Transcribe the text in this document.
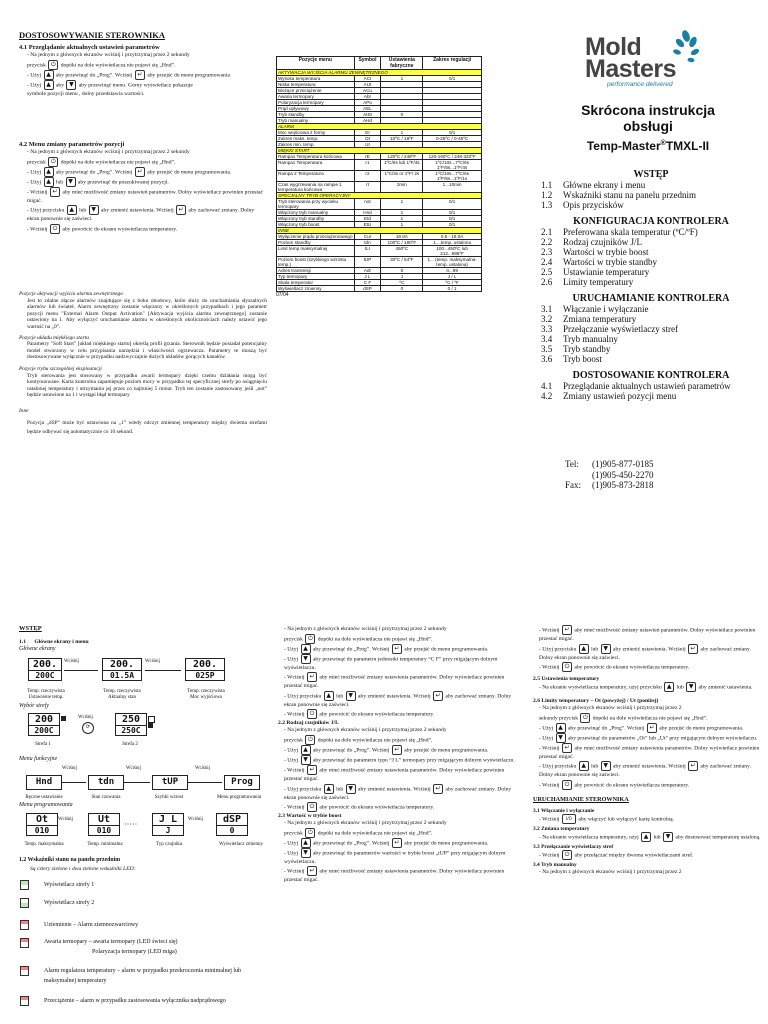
DOSTOSOWYWANIE STEROWNIKA
4.1 Przeglądanie aktualnych ustawień parametrów
- Na jednym z głównych ekranów wciśnij i przytrzymaj przez 2 sekundy
przycisk ⏻ dopóki na dole wyświetlacza nie pojawi się „Hnd”.
- Użyj ▲ aby przewinąć do „Prog”. Wciśnij ↵ aby przejść do menu programowania
- Użyj ▲ aby ▼ aby przewinąć menu. Górny wyświetlacz pokazuje
symbole pozycji menu , dolny przedstawia wartości.
4.2 Menu zmiany parametrów pozycji
- Na jednym z głównych ekranów wciśnij i przytrzymaj przez 2 sekundy
przycisk ⏻ dopóki na dole wyświetlacza nie pojawi się „Hnd”.
- Użyj ▲ aby przewinąć do „Prog”. Wciśnij ↵ aby przejść do menu programowania.
- Użyj ▲ lub ▼ aby przewinąć do poszukiwanej pozycji.
- Wciśnij ↵ aby mieć możliwość zmiany ustawień parametrów. Dolny wyświetlacz powinien przestać migać.
- Użyj przycisku ▲ lub ▼ aby zmienić ustawienia. Wciśnij ↵ aby zachować zmiany. Dolny ekran ponownie się zaświeci.
- Wciśnij ⏻ aby powrócić do ekranu wyświetlacza temperatury.
Pozycje aktywacji wyjścia alarmu zewnętrznego
Jest to zdalne złącze alarmów znajdujące się z boku obudowy, które służy do uruchamiania słyszalnych alarmów lub świateł. Alarm zewnętrzny zostanie włączony w określonych przypadkach i jego parametr pozycji menu "External Alarm Output Activation" [Aktywacja wyjścia alarmu zewnętrznego] zostanie ustawiony na 1. Aby wyłączyć uruchamianie alarmu w określonych okolicznościach należy ustawić jego wartość na „0”.
Pozycje układu miękkiego startu
Parametry "Soft Start" [układ miękkiego startu] określą profil grzania. Sterownik będzie posiadał potencjalny model stworzony w celu przypisania narzędzia i właściwości ogrzewacza. Parametry te muszą być dostosowywane wyłącznie w przypadku nadzwyczajnie dużych układów gorących kanałów.
Pozycje trybu szczególnej eksploatacji
Tryb sterowania jest stosowany w przypadku awarii termopary dzięki czemu działania mogą być kontynuowane. Karta kontrolna zapamiętuje poziom mocy w przypadku tej specyficznej strefy po osiągnięciu ustalonej temperatury i utrzymaniu jej przez co najmniej 5 minut. Tryb ten zostanie zastosowany jeśli „not” będzie ustawione na 1 i wystąpi błąd termopary
Inne
Pozycja „dSP” może być ustawiona na „1” wtedy odczyt zmiennej temperatury między dwiema strefami będzie odbywać się automatycznie co 10 sekund.
Pozycje menu	Symbol	Ustawienia fabryczne	Zakres regulacji
AKTYWACJA WYJŚCIA ALARMU ZEWNĘTRZNEGO			
Wysoka temperatura	ACt	1	0/1
Niska temperatura	AUt		
Bieżące przeciążenie	ACu		
Awaria termopary	Abr		
Polaryzacja termopary	APo		
Prąd upływowy	AEL		
Tryb standby	AtSt	0	
Tryb manualny	AHd		
ALARM			
Moc wejściowa z formy	EI	1	0/1
Zakres maks. temp.	Ot	10ºC / 18ºF	0-25ºC / 0-45ºC
Zakres min. temp.	Ut		
MIĘKKI START			
Rampa1 Temperatura końcowa	rE	120ºC / 248ºF	120-160ºC / 248-320ºF
Rampa1 Temperatura	r1	1ºC/6s lub 1ºF/4s	1ºC/10s...7ºC/6s 1ºF/6s...1ºF/4s
Rampa 2 Temperatura	r2	1ºC/3s or 1ºF/ 2s	1ºC/10s...7ºC/6s 1ºF/6s...1ºF/1s
Czas wygrzewania na rampie 1 temperatura końcowa	rt	2min	1...10min
SPECJALNY TRYB OPERACYJNY			
Tryb sterowania przy wycieku termopary	not	1	0/1
Włączony tryb manualny	Hnd	1	0/1
Włączony tryb standby	Etd	1	0/1
Włączony tryb boost	EtU	1	0/1
INNE			
Wyłączenie prądu przeciążeniowego	Cur	18.0A	0.5 - 18.0A
Poziom standby	tdn	100ºC / 180ºF	1....temp. ustalona
Limit temp maksymalnej	tLI	450ºC	100...450ºC lub 212...986ºF
Poziom boost (szybkiego wzrostu temp.)	tUP	30ºC / 54ºF	1... (temp. maksymalna-temp. ustalona)
Adres transmisji	Adr	0	0...99
Typ termopary	J L	J	J / L
Skala temperatur	C F	ºC	ºC / ºF
Wyświetlacz zmienny	dSP	0	0 / 1
07/04
Mold
Masters
performance delivered
Skrócona instrukcja
obsługi
Temp-Master®TMXL-II
WSTĘP
1.1 Główne ekrany i menu
1.2 Wskaźniki stanu na panelu przednim
1.3 Opis przycisków
KONFIGURACJA KONTROLERA
2.1 Preferowana skala temperatur (ºC/ºF)
2.2 Rodzaj czujników J/L
2.3 Wartości w trybie boost
2.4 Wartości w trybie standby
2.5 Ustawianie temperatury
2.6 Limity temperatury
URUCHAMIANIE KONTROLERA
3.1 Włączanie i wyłączanie
3.2 Zmiana temperatury
3.3 Przełączanie wyświetlaczy stref
3.4 Tryb manualny
3.5 Tryb standby
3.6 Tryb boost
DOSTOSOWANIE KONTROLERA
4.1 Przeglądanie aktualnych ustawień parametrów
4.2 Zmiany ustawień pozycji menu
Tel: (1)905-877-0185
(1)905-450-2270
Fax: (1)905-873-2818
WSTĘP
1.1      Główne ekrany i menu
Główne ekrany
200.
200C
200.
01.5A
200.
025P
Wciśnij	Wciśnij
Temp. rzeczywista
Ustawienie temp.
Temp. rzeczywista
Aktualny stan
Temp. rzeczywista
Moc wyjściowa
Wybór strefy
200
200C
Wciśnij
⟳
250
250C
Strefa 1	Strefa 2
Menu funkcyjne
Hnd	tdn	tUP	Prog
Wciśnij	Wciśnij	Wciśnij
Ręczne ustawianie	Stan czuwania	Szybki wzrost	Menu programowania
Menu programowania
Ot
010
Ut
010
J L
J
dSP
0
Wciśnij
·····
Wciśnij
Temp. maksymalna	Temp. minimalna	Typ czujnika	Wyświetlacz zmienny
1.2 Wskaźniki stanu na panelu przednim
Są cztery zielone i dwa zielone wskaźniki LED:
Wyświetlacz strefy 1
Wyświetlacz strefy 2
Uziemienie – Alarm ziemnozwarciowy
Awaria termopary – awaria termopary (LED świeci się)
Polaryzacja termopary (LED miga)
Alarm regulatora temperatury – alarm w przypadku przekroczenia minimalnej lub maksymalnej temperatury
Przeciążenie – alarm w przypadku zastosowania wyłącznika nadprądowego
- Na jednym z głównych ekranów wciśnij i przytrzymaj przez 2 sekundy
przycisk ⏻ dopóki na dole wyświetlacza nie pojawi się „Hnd”.
- Użyj ▲ aby przewinąć do „Prog”. Wciśnij ↵ aby przejść do menu programowania.
- Użyj ▼ aby przewinąć do parametru jednostki temperatury “C F” przy migającym dolnym wyświetlaczu.
- Wciśnij ↵ aby mieć możliwość zmiany ustawienia parametrów. Dolny wyświetlacz powinien przestać migać.
- Użyj przycisku ▲ lub ▼ aby zmienić ustawienia. Wciśnij ↵ aby zachować zmiany. Dolny ekran ponownie się zaświeci.
- Wciśnij ⏻ aby powrócić do ekranu wyświetlacza temperatury.
2.2 Rodzaj czujników J/L
- Na jednym z głównych ekranów wciśnij i przytrzymaj przez 2 sekundy
przycisk ⏻ dopóki na dole wyświetlacza nie pojawi się „Hnd”.
- Użyj ▲ aby przewinąć do „Prog”. Wciśnij ↵ aby przejść do menu programowania.
- Użyj ▼ aby przewinąć do parametru typu “J L” termopary przy migającym dolnym wyświetlaczu.
- Wciśnij ↵ aby mieć możliwość zmiany ustawienia parametrów. Dolny wyświetlacz powinien przestać migać.
- Użyj przycisku ▲ lub ▼ aby zmienić ustawienia. Wciśnij ↵ aby zachować zmiany. Dolny ekran ponownie się zaświeci.
- Wciśnij ⏻ aby powrócić do ekranu wyświetlacza temperatury.
2.3 Wartość w trybie boost
- Na jednym z głównych ekranów wciśnij i przytrzymaj przez 2 sekundy
przycisk ⏻ dopóki na dole wyświetlacza nie pojawi się „Hnd”.
- Użyj ▲ aby przewinąć do „Prog”. Wciśnij ↵ aby przejść do menu programowania.
- Użyj ▼ aby przewinąć do parametrów wartości w trybie boost „tUP” przy migającym dolnym wyświetlaczu.
- Wciśnij ↵ aby mieć możliwość zmiany ustawienia parametrów. Dolny wyświetlacz powinien przestać migać.
- Wciśnij ↵ aby mieć możliwość zmiany ustawień parametrów. Dolny wyświetlacz powinien przestać migać.
- Użyj przycisku ▲ lub ▼ aby zmienić ustawienia. Wciśnij ↵ aby zachować zmiany. Dolny ekran ponownie się zaświeci.
- Wciśnij ⏻ aby powrócić do ekranu wyświetlacza temperatury.
2.5 Ustawienia temperatury
- Na ekranie wyświetlacza temperatury, użyj przycisku ▲ lub ▼ aby zmienić ustawienia.
2.6 Limity temperatury – Ot (powyżej) / Ut (poniżej)
- Na jednym z głównych ekranów wciśnij i przytrzymaj przez 2
sekundy przycisk ⏻ dopóki na dole wyświetlacza nie pojawi się „Hnd”.
- Użyj ▲ aby przewinąć do „Prog”. Wciśnij ↵ aby przejść do menu programowania.
- Użyj ▼ aby przewinąć do parametrów „Ot” lub „Ut” przy migającym dolnym wyświetlaczu.
- Wciśnij ↵ aby mieć możliwość zmiany ustawienia parametrów. Dolny wyświetlacz powinien przestać migać.
- Użyj przycisku ▲ lub ▼ aby zmienić ustawienia. Wciśnij ↵ aby zachować zmiany. Dolny ekran ponownie się zaświeci.
- Wciśnij ⏻ aby powrócić do ekranu wyświetlacza temperatury.
URUCHAMIANIE STEROWNIKA
3.1 Włączanie i wyłączanie
- Wciśnij I/O aby włączyć lub wyłączyć kartę kontrolną.
3.2 Zmiana temperatury
- Na ekranie wyświetlacza temperatury, użyj ▲ lub ▼ aby dostosować temperaturę ustaloną.
3.3 Przełączanie wyświetlaczy stref
- Wciśnij ⏻ aby przełączać między dwoma wyświetlaczami stref.
3.4 Tryb manualny
- Na jednym z głównych ekranów wciśnij i przytrzymaj przez 2
